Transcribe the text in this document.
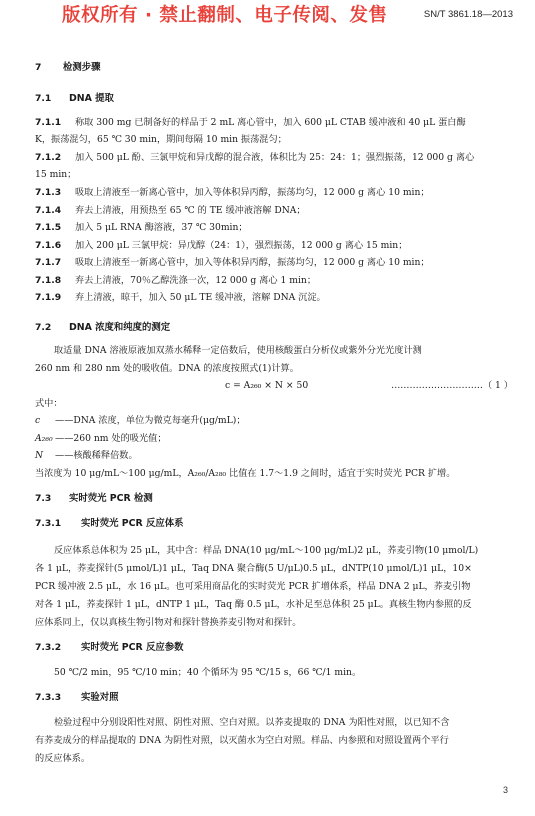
版权所有 · 禁止翻制、电子传阅、发售	SN/T 3861.18—2013
7 检测步骤
7.1 DNA 提取
7.1.1 称取 300 mg 已制备好的样品于 2 mL 离心管中，加入 600 μL CTAB 缓冲液和 40 μL 蛋白酶
K，振荡混匀，65 ℃ 30 min，期间每隔 10 min 振荡混匀；
7.1.2 加入 500 μL 酚、三氯甲烷和异戊醇的混合液，体积比为 25：24：1；强烈振荡，12 000 g 离心
15 min；
7.1.3 吸取上清液至一新离心管中，加入等体积异丙醇，振荡均匀，12 000 g 离心 10 min；
7.1.4 弃去上清液，用预热至 65 ℃ 的 TE 缓冲液溶解 DNA；
7.1.5 加入 5 μL RNA 酶溶液，37 ℃ 30min；
7.1.6 加入 200 μL 三氯甲烷：异戊醇（24：1），强烈振荡，12 000 g 离心 15 min；
7.1.7 吸取上清液至一新离心管中，加入等体积异丙醇，振荡均匀，12 000 g 离心 10 min；
7.1.8 弃去上清液，70％乙醇洗涤一次，12 000 g 离心 1 min；
7.1.9 弃上清液，晾干，加入 50 μL TE 缓冲液，溶解 DNA 沉淀。
7.2 DNA 浓度和纯度的测定
取适量 DNA 溶液原液加双蒸水稀释一定倍数后，使用核酸蛋白分析仪或紫外分光光度计测
260 nm 和 280 nm 处的吸收值。DNA 的浓度按照式(1)计算。
c = A₂₆₀ × N × 50	…………………………（ 1 ）
式中：
c ——DNA 浓度，单位为微克每毫升(μg/mL)；
A₂₆₀ ——260 nm 处的吸光值；
N ——核酸稀释倍数。
当浓度为 10 μg/mL～100 μg/mL，A₂₆₀/A₂₈₀ 比值在 1.7～1.9 之间时，适宜于实时荧光 PCR 扩增。
7.3 实时荧光 PCR 检测
7.3.1 实时荧光 PCR 反应体系
反应体系总体积为 25 μL，其中含：样品 DNA(10 μg/mL～100 μg/mL)2 μL，荞麦引物(10 μmol/L)
各 1 μL，荞麦探针(5 μmol/L)1 μL，Taq DNA 聚合酶(5 U/μL)0.5 μL，dNTP(10 μmol/L)1 μL，10×
PCR 缓冲液 2.5 μL，水 16 μL。也可采用商品化的实时荧光 PCR 扩增体系，样品 DNA 2 μL，荞麦引物
对各 1 μL，荞麦探针 1 μL，dNTP 1 μL，Taq 酶 0.5 μL，水补足至总体积 25 μL。真核生物内参照的反
应体系同上，仅以真核生物引物对和探针替换荞麦引物对和探针。
7.3.2 实时荧光 PCR 反应参数
50 ℃/2 min，95 ℃/10 min；40 个循环为 95 ℃/15 s，66 ℃/1 min。
7.3.3 实验对照
检验过程中分别设阳性对照、阴性对照、空白对照。以荞麦提取的 DNA 为阳性对照，以已知不含
有荞麦成分的样品提取的 DNA 为阴性对照，以灭菌水为空白对照。样品、内参照和对照设置两个平行
的反应体系。
3
